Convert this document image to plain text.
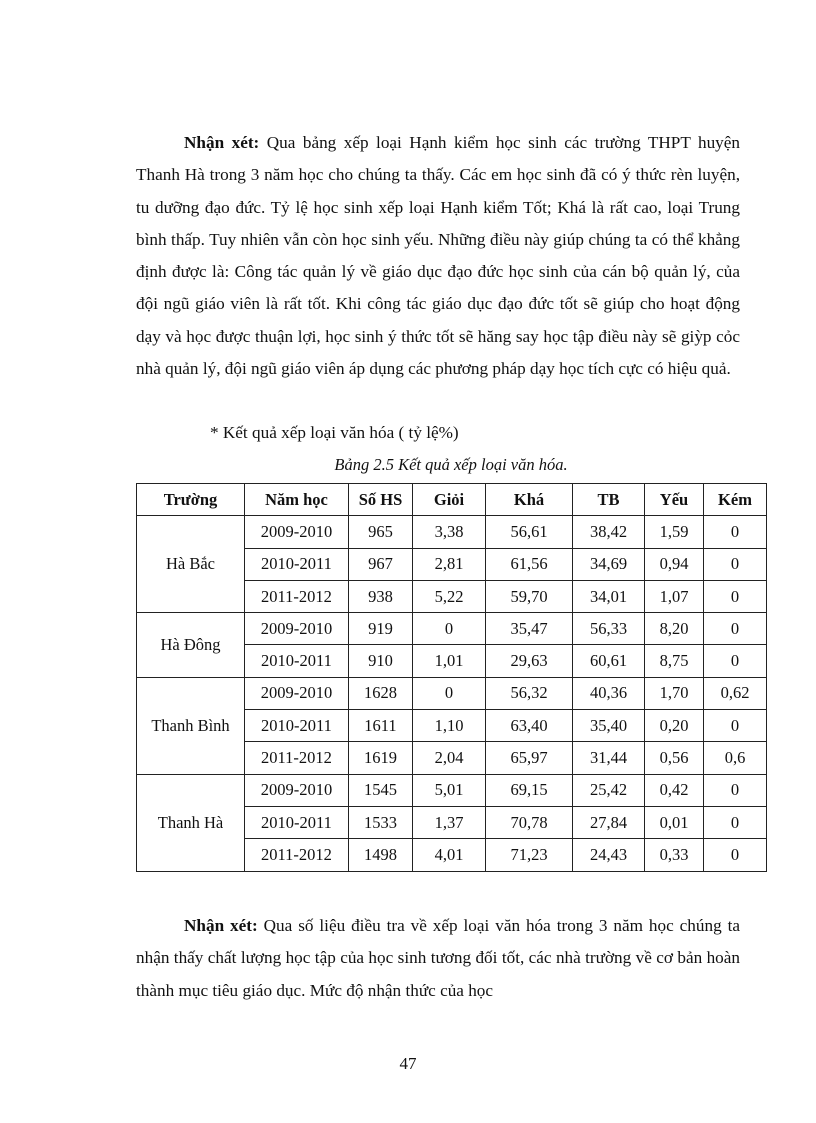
Nhận xét: Qua bảng xếp loại Hạnh kiểm học sinh các trường THPT huyện Thanh Hà trong 3 năm học cho chúng ta thấy. Các em học sinh đã có ý thức rèn luyện, tu dưỡng đạo đức. Tỷ lệ học sinh xếp loại Hạnh kiểm Tốt; Khá là rất cao, loại Trung bình thấp. Tuy nhiên vẫn còn học sinh yếu. Những điều này giúp chúng ta có thể khẳng định được là: Công tác quản lý về giáo dục đạo đức học sinh của cán bộ quản lý, của đội ngũ giáo viên là rất tốt. Khi công tác giáo dục đạo đức tốt sẽ giúp cho hoạt động dạy và học được thuận lợi, học sinh ý thức tốt sẽ hăng say học tập điều này sẽ giỳp cỏc nhà quản lý, đội ngũ giáo viên áp dụng các phương pháp dạy học tích cực có hiệu quả.

* Kết quả xếp loại văn hóa ( tỷ lệ%)

Bảng 2.5 Kết quả xếp loại văn hóa.

Trường	Năm học	Số HS	Giỏi	Khá	TB	Yếu	Kém
Hà Bắc	2009-2010	965	3,38	56,61	38,42	1,59	0
	2010-2011	967	2,81	61,56	34,69	0,94	0
	2011-2012	938	5,22	59,70	34,01	1,07	0
Hà Đông	2009-2010	919	0	35,47	56,33	8,20	0
	2010-2011	910	1,01	29,63	60,61	8,75	0
Thanh Bình	2009-2010	1628	0	56,32	40,36	1,70	0,62
	2010-2011	1611	1,10	63,40	35,40	0,20	0
	2011-2012	1619	2,04	65,97	31,44	0,56	0,6
Thanh Hà	2009-2010	1545	5,01	69,15	25,42	0,42	0
	2010-2011	1533	1,37	70,78	27,84	0,01	0
	2011-2012	1498	4,01	71,23	24,43	0,33	0

Nhận xét: Qua số liệu điều tra về xếp loại văn hóa trong 3 năm học chúng ta nhận thấy chất lượng học tập của học sinh tương đối tốt, các nhà trường về cơ bản hoàn thành mục tiêu giáo dục. Mức độ nhận thức của học

47
